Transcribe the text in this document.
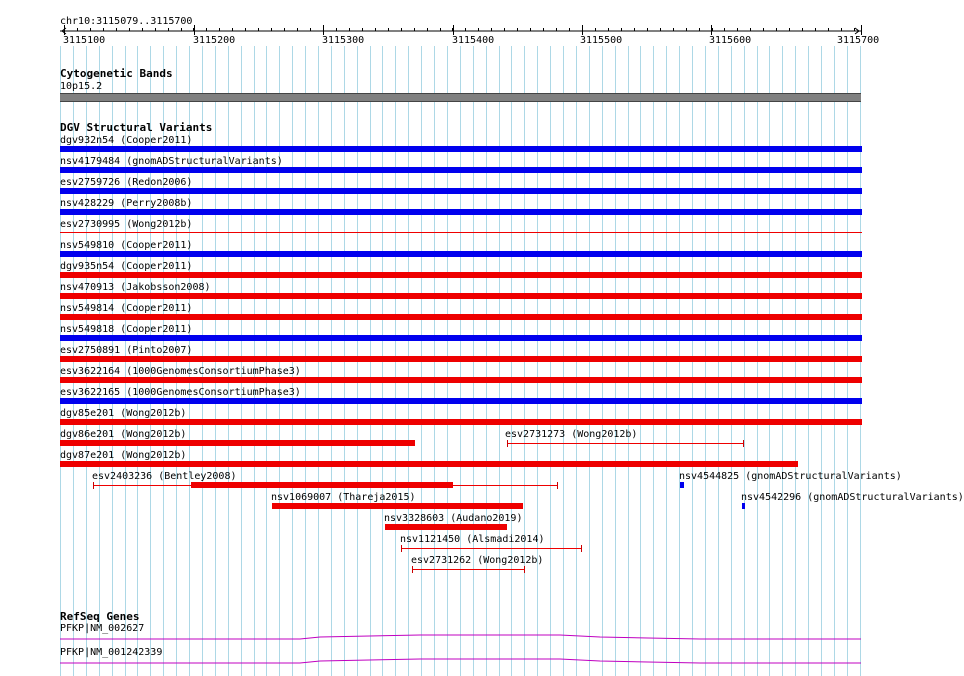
chr10:3115079..3115700
3115100	3115200	3115300	3115400	3115500	3115600	3115700
Cytogenetic Bands
10p15.2
DGV Structural Variants
dgv932n54 (Cooper2011)
nsv4179484 (gnomADStructuralVariants)
esv2759726 (Redon2006)
nsv428229 (Perry2008b)
esv2730995 (Wong2012b)
nsv549810 (Cooper2011)
dgv935n54 (Cooper2011)
nsv470913 (Jakobsson2008)
nsv549814 (Cooper2011)
nsv549818 (Cooper2011)
esv2750891 (Pinto2007)
esv3622164 (1000GenomesConsortiumPhase3)
esv3622165 (1000GenomesConsortiumPhase3)
dgv85e201 (Wong2012b)
dgv86e201 (Wong2012b)	esv2731273 (Wong2012b)
dgv87e201 (Wong2012b)
esv2403236 (Bentley2008)	nsv4544825 (gnomADStructuralVariants)
nsv1069007 (Thareja2015)	nsv4542296 (gnomADStructuralVariants)
nsv3328603 (Audano2019)
nsv1121450 (Alsmadi2014)
esv2731262 (Wong2012b)
RefSeq Genes
PFKP|NM_002627
PFKP|NM_001242339
